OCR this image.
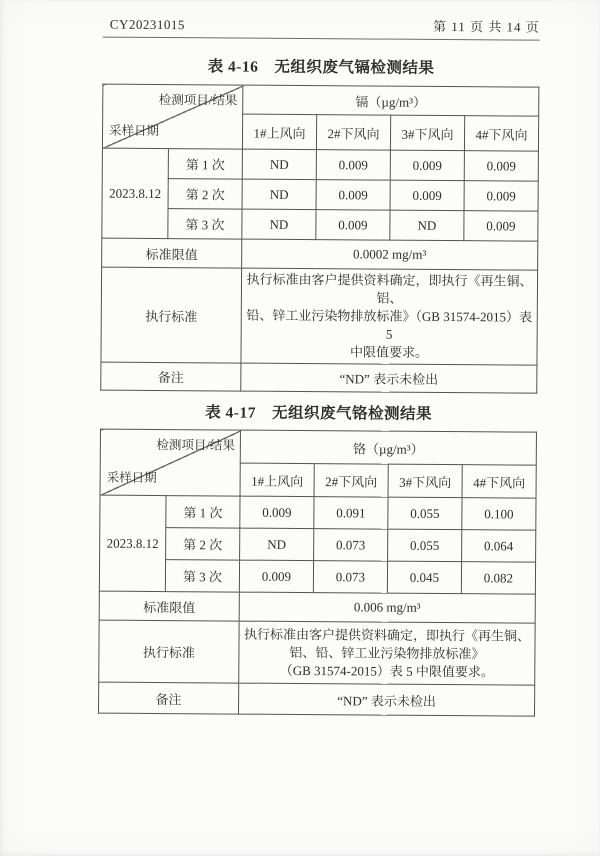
CY20231015	第 11 页 共 14 页
表 4-16　无组织废气镉检测结果
检测项目/结果
采样日期		镉（µg/m³）			
		1#上风向	2#下风向	3#下风向	4#下风向
2023.8.12	第 1 次	ND	0.009	0.009	0.009
	第 2 次	ND	0.009	0.009	0.009
	第 3 次	ND	0.009	ND	0.009
标准限值		0.0002 mg/m³			
执行标准		执行标准由客户提供资料确定，即执行《再生铜、铝、
铅、锌工业污染物排放标准》（GB 31574-2015）表 5
中限值要求。			
备注		“ND” 表示未检出			
表 4-17　无组织废气铬检测结果
检测项目/结果
采样日期		铬（µg/m³）			
		1#上风向	2#下风向	3#下风向	4#下风向
2023.8.12	第 1 次	0.009	0.091	0.055	0.100
	第 2 次	ND	0.073	0.055	0.064
	第 3 次	0.009	0.073	0.045	0.082
标准限值		0.006 mg/m³			
执行标准		执行标准由客户提供资料确定，即执行《再生铜、
铝、铅、锌工业污染物排放标准》
（GB 31574-2015）表 5 中限值要求。			
备注		“ND” 表示未检出			
